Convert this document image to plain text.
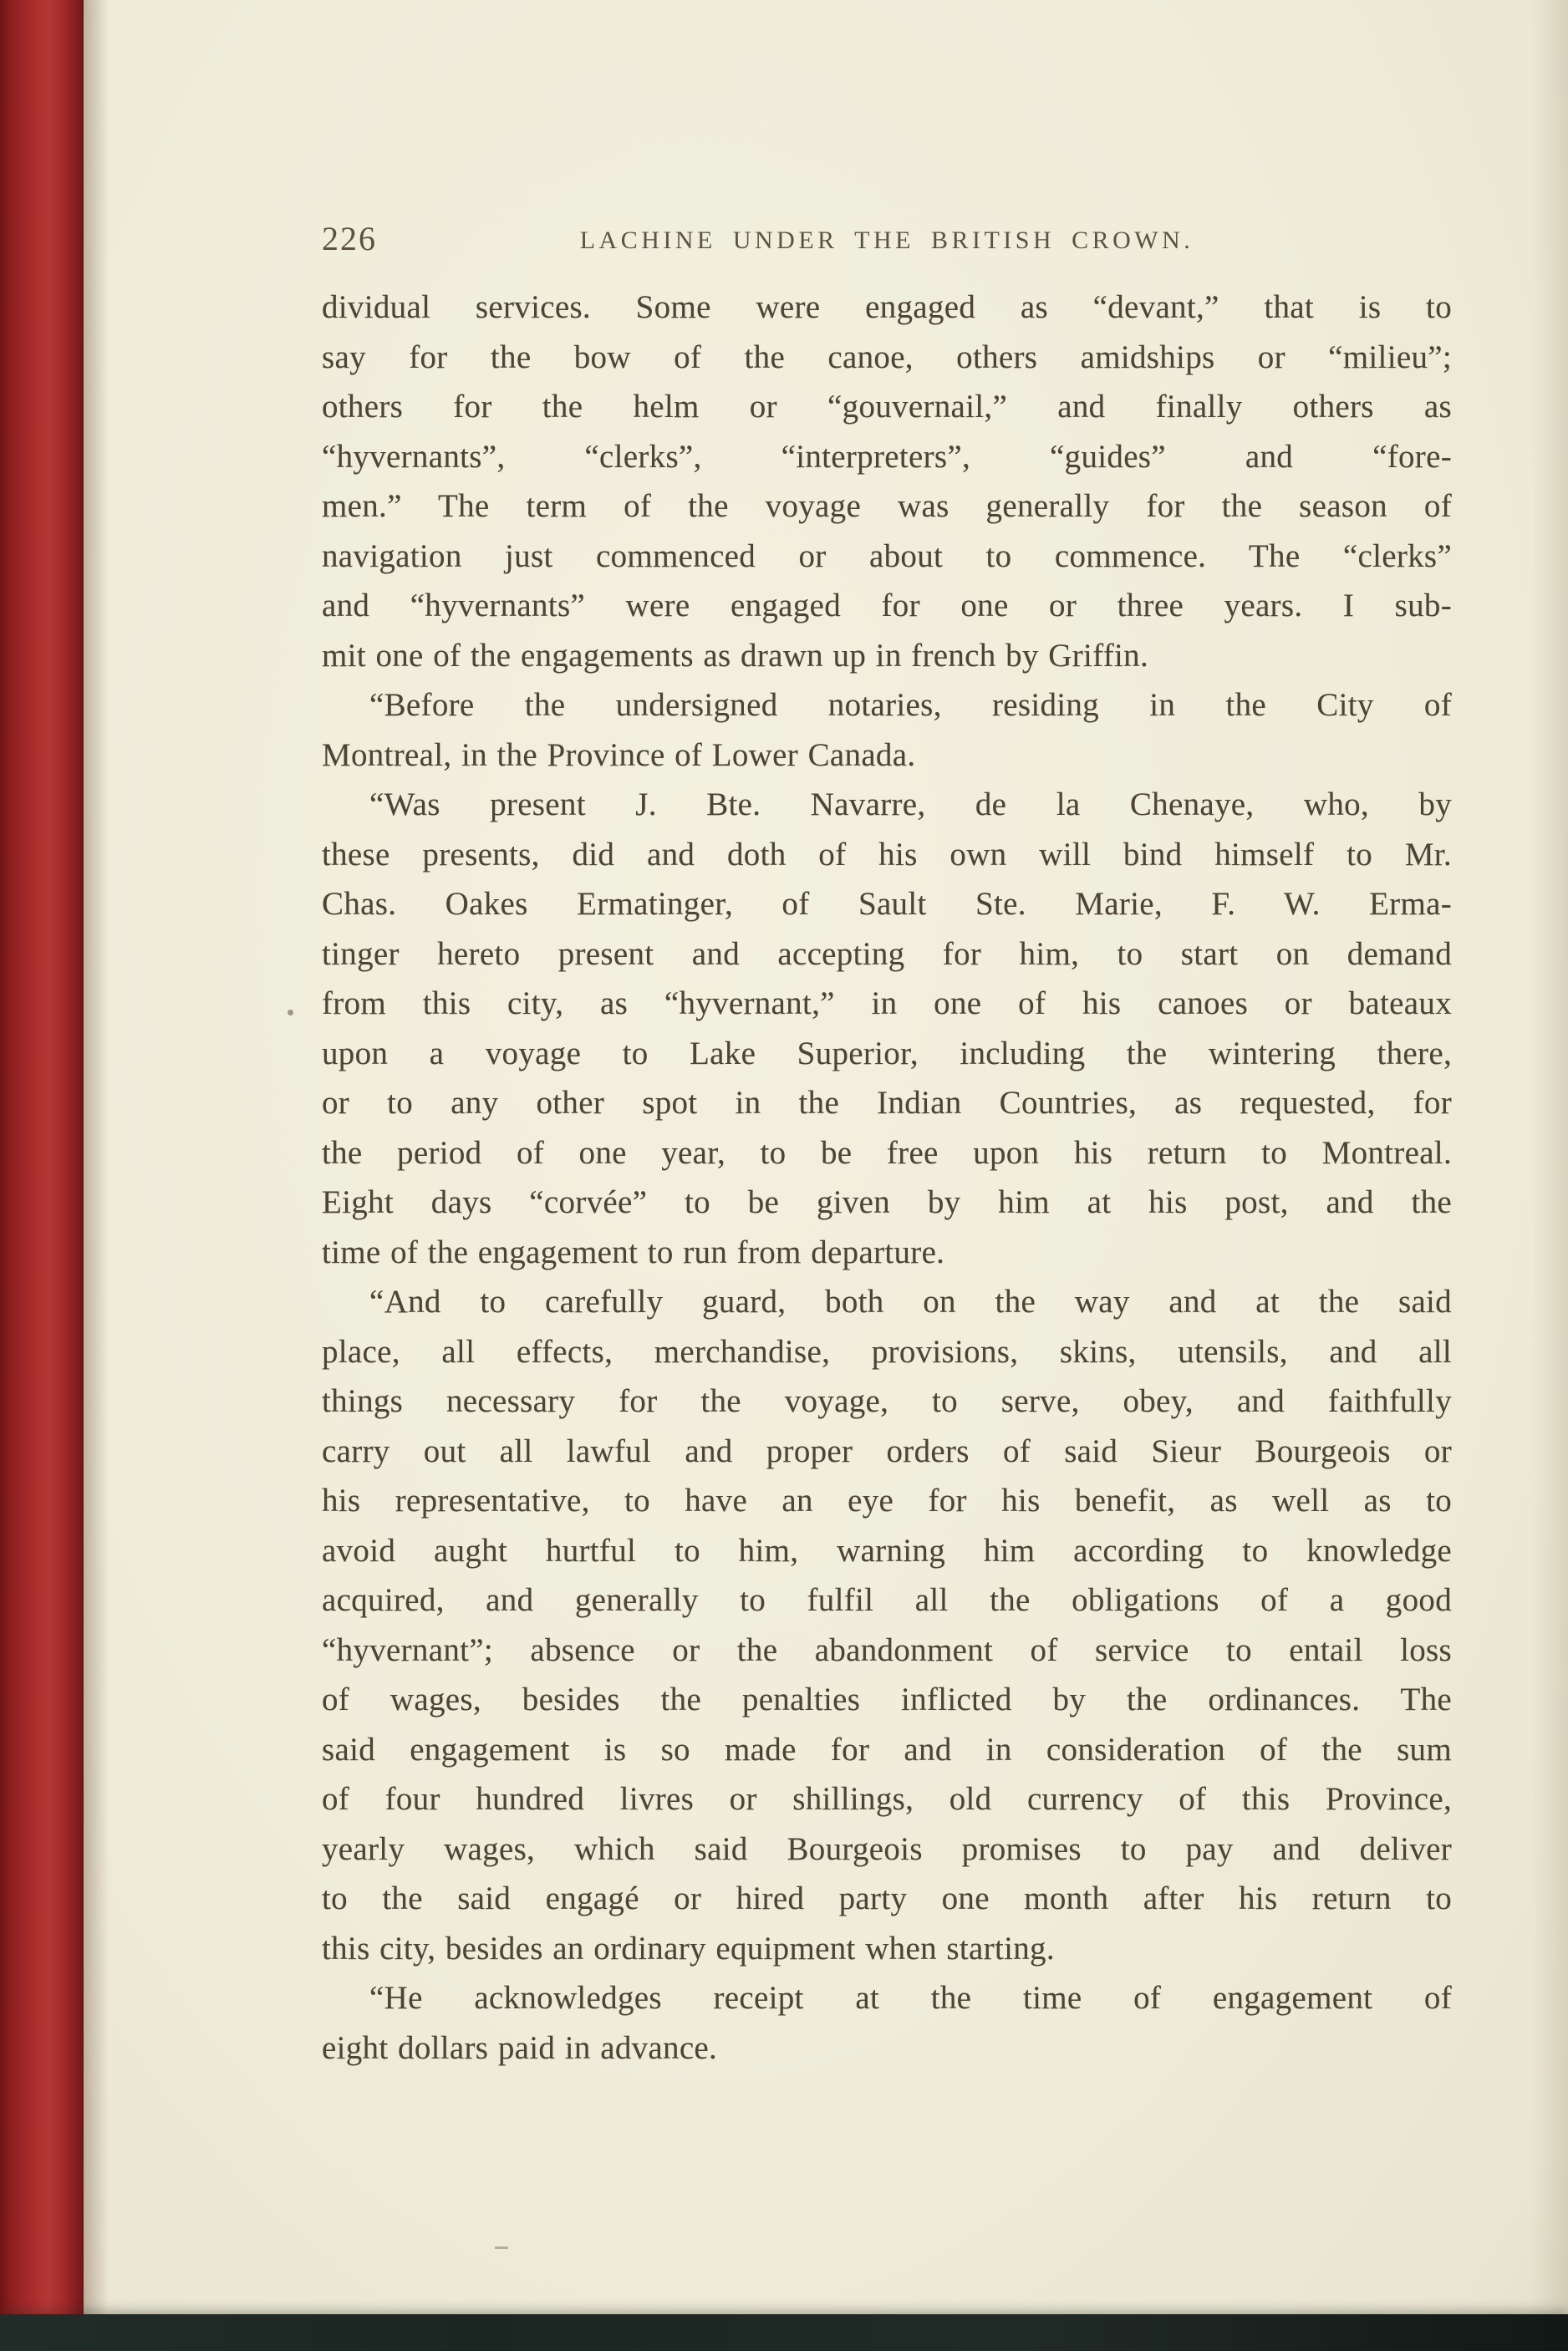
226	LACHINE UNDER THE BRITISH CROWN.
dividual services. Some were engaged as “devant,” that is to
say for the bow of the canoe, others amidships or “milieu”;
others for the helm or “gouvernail,” and finally others as
“hyvernants”, “clerks”, “interpreters”, “guides” and “fore-
men.” The term of the voyage was generally for the season of
navigation just commenced or about to commence. The “clerks”
and “hyvernants” were engaged for one or three years. I sub-
mit one of the engagements as drawn up in french by Griffin.
“Before the undersigned notaries, residing in the City of
Montreal, in the Province of Lower Canada.
“Was present J. Bte. Navarre, de la Chenaye, who, by
these presents, did and doth of his own will bind himself to Mr.
Chas. Oakes Ermatinger, of Sault Ste. Marie, F. W. Erma-
tinger hereto present and accepting for him, to start on demand
from this city, as “hyvernant,” in one of his canoes or bateaux
upon a voyage to Lake Superior, including the wintering there,
or to any other spot in the Indian Countries, as requested, for
the period of one year, to be free upon his return to Montreal.
Eight days “corvée” to be given by him at his post, and the
time of the engagement to run from departure.
“And to carefully guard, both on the way and at the said
place, all effects, merchandise, provisions, skins, utensils, and all
things necessary for the voyage, to serve, obey, and faithfully
carry out all lawful and proper orders of said Sieur Bourgeois or
his representative, to have an eye for his benefit, as well as to
avoid aught hurtful to him, warning him according to knowledge
acquired, and generally to fulfil all the obligations of a good
“hyvernant”; absence or the abandonment of service to entail loss
of wages, besides the penalties inflicted by the ordinances. The
said engagement is so made for and in consideration of the sum
of four hundred livres or shillings, old currency of this Province,
yearly wages, which said Bourgeois promises to pay and deliver
to the said engagé or hired party one month after his return to
this city, besides an ordinary equipment when starting.
“He acknowledges receipt at the time of engagement of
eight dollars paid in advance.
